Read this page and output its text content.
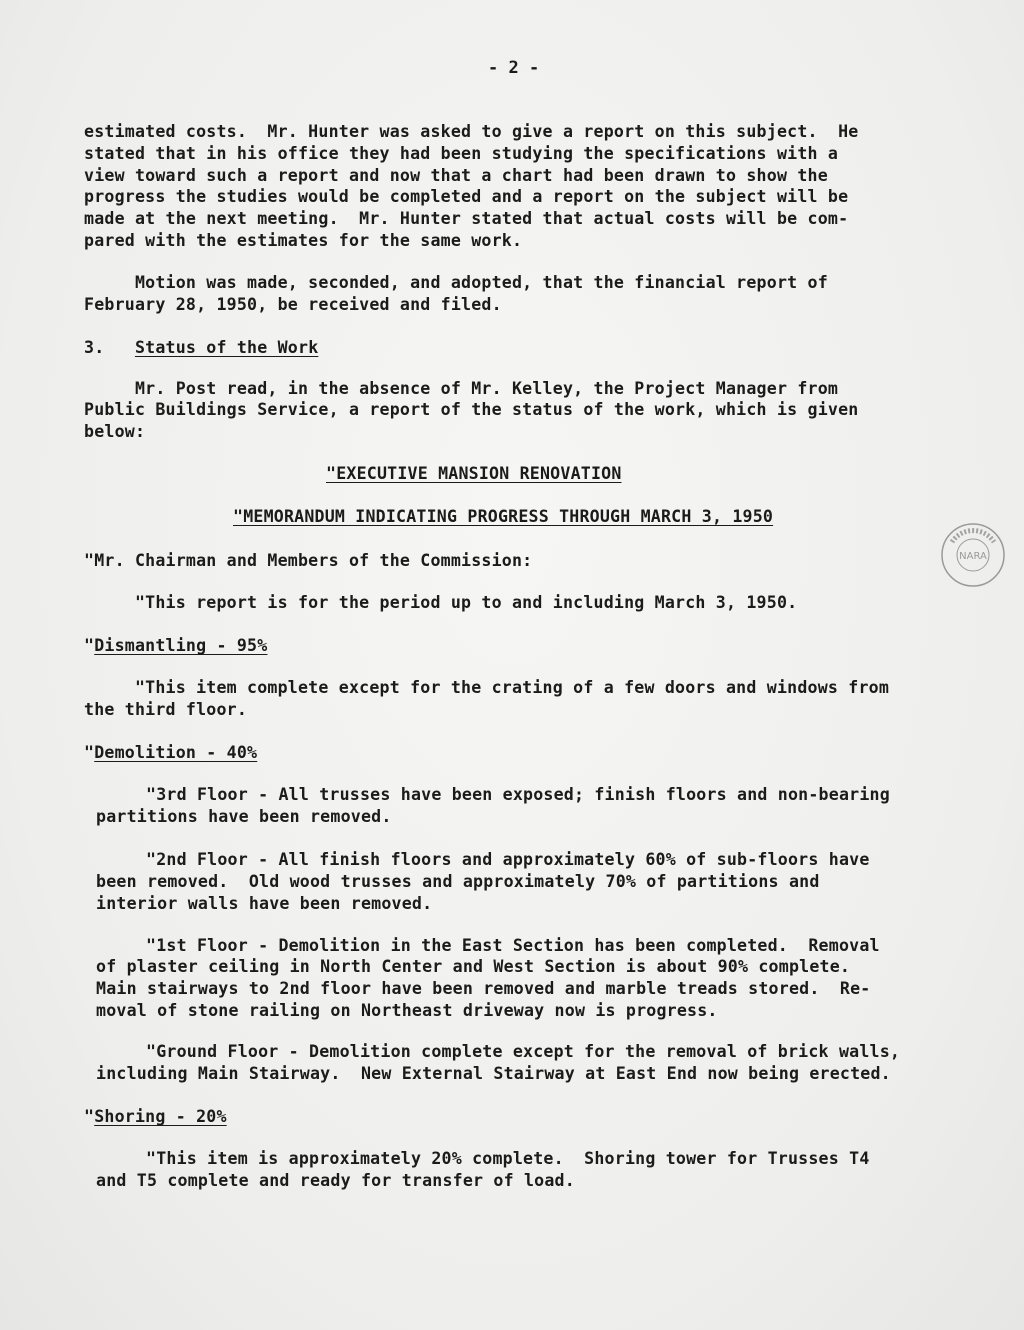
- 2 -

estimated costs.  Mr. Hunter was asked to give a report on this subject.  He

stated that in his office they had been studying the specifications with a

view toward such a report and now that a chart had been drawn to show the

progress the studies would be completed and a report on the subject will be

made at the next meeting.  Mr. Hunter stated that actual costs will be com-

pared with the estimates for the same work.

Motion was made, seconded, and adopted, that the financial report of

February 28, 1950, be received and filed.

3.   Status of the Work

Mr. Post read, in the absence of Mr. Kelley, the Project Manager from

Public Buildings Service, a report of the status of the work, which is given

below:

"EXECUTIVE MANSION RENOVATION

"MEMORANDUM INDICATING PROGRESS THROUGH MARCH 3, 1950

"Mr. Chairman and Members of the Commission:

"This report is for the period up to and including March 3, 1950.

"Dismantling - 95%

"This item complete except for the crating of a few doors and windows from

the third floor.

"Demolition - 40%

"3rd Floor - All trusses have been exposed; finish floors and non-bearing

partitions have been removed.

"2nd Floor - All finish floors and approximately 60% of sub-floors have

been removed.  Old wood trusses and approximately 70% of partitions and

interior walls have been removed.

"1st Floor - Demolition in the East Section has been completed.  Removal

of plaster ceiling in North Center and West Section is about 90% complete.

Main stairways to 2nd floor have been removed and marble treads stored.  Re-

moval of stone railing on Northeast driveway now is progress.

"Ground Floor - Demolition complete except for the removal of brick walls,

including Main Stairway.  New External Stairway at East End now being erected.

"Shoring - 20%

"This item is approximately 20% complete.  Shoring tower for Trusses T4

and T5 complete and ready for transfer of load.

NARA
